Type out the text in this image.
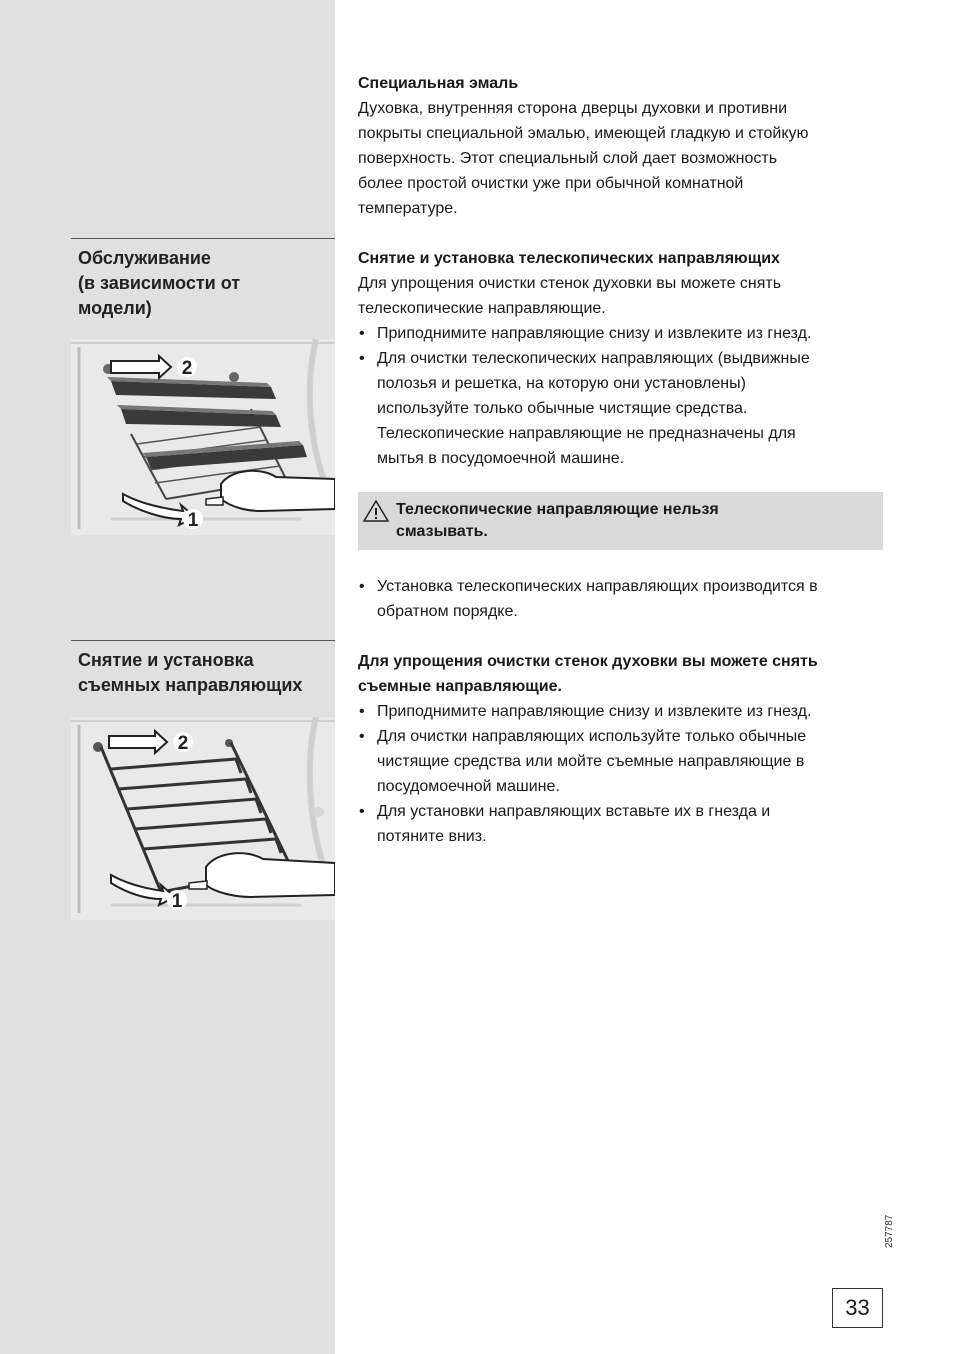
Обслуживание
(в зависимости от
модели)
2
1
Снятие и установка
съемных направляющих
2
1

Специальная эмаль

Духовка, внутренняя сторона дверцы духовки и противни

покрыты специальной эмалью, имеющей гладкую и стойкую

поверхность. Этот специальный слой дает возможность

более простой очистки уже при обычной комнатной

температуре.

Снятие и установка телескопических направляющих

Для упрощения очистки стенок духовки вы можете снять

телескопические направляющие.

• Приподнимите направляющие снизу и извлеките из гнезд.
• Для очистки телескопических направляющих (выдвижные
полозья и решетка, на которую они установлены)
используйте только обычные чистящие средства.
Телескопические направляющие не предназначены для
мытья в посудомоечной машине.
Телескопические направляющие нельзя
смазывать.
• Установка телескопических направляющих производится в
обратном порядке.

Для упрощения очистки стенок духовки вы можете снять

съемные направляющие.

• Приподнимите направляющие снизу и извлеките из гнезд.
• Для очистки направляющих используйте только обычные
чистящие средства или мойте съемные направляющие в
посудомоечной машине.
• Для установки направляющих вставьте их в гнезда и
потяните вниз.
257787
33
